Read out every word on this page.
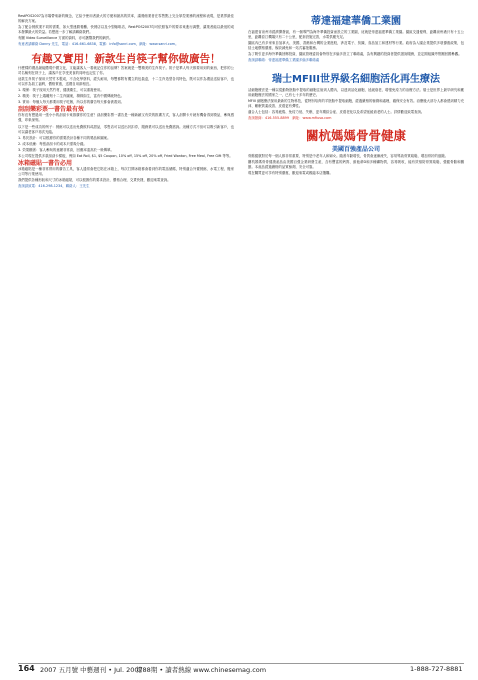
RestPOS2007為市場帶來新的概念，它給予使用者最大的方便和最高的效率，讓餐館業者在零售點上完全掌控業務的流程和表現，是業界最佳的解決方案。

為了配合餐飲業不同的需要，如大型連鎖餐廳、快餐店以及小型咖啡店，RestPOS2007均可依照客戶的要求來進行調整，讓業者能以最低的成本發揮最大的效益。若想進一步了解請聯絡我們。

有關 Video Surveillance 方面的資料，亦可瀏覽我們的網頁。

有意者請聯絡 Danny 先生，電話：416-661-6838，電郵：info@sanri.com，網址：www.sanri.com。

有趣又實用！新款生肖筷子幫你做廣告！

什麼樣的禮品最能體現中國文化，又能讓客人一看就記住你的品牌？答案就是一雙精美的生肖筷子。筷子是華人每天都要用到的東西，把你的公司名稱刻在筷子上，讓客戶在享受美食的同時也記住了你。

這款生肖筷子採用天然竹木製成，不含化學塗料，經久耐用，每雙都附有獨立的包裝盒，十二生肖造型各具特色，既可以作為禮品送給客戶，也可以作為員工福利，價格實惠，送禮自用兩相宜。

1. 環保：筷子採用天然竹材，健康衛生，可以重複使用。

2. 精美：筷子上端雕刻十二生肖圖案，栩栩如生，富有中國傳統特色。

3. 實用：每個人每天都要用筷子吃飯，所以你的廣告每天都會被看到。

刮刮樂彩票一書告最有效

你有沒有想過用一張小小的刮刮卡來推廣你的生意？刮刮樂彩票一書告是一種新穎又有效的推廣方式，客人刮開卡片就有機會得到獎品，參與感強，印象深刻。

以下是一些成功的例子：餐館可以送出免費飲料或甜品，零售店可以送出折扣券，服務業可以送出免費諮詢。這種方式不但可以吸引新客戶，也可以讓老客戶再次光臨。

1. 易於設計：可以根據你的需要設計各種不同的獎品和圖案。

2. 成本低廉：每張刮刮卡的成本只需幾分錢。

3. 效果顯著：客人參與的意願非常高，回應率遠高於一般傳單。

本公司現在提供多款刮刮卡樣板，例如 Eat Roll, $1, $5 Coupon, 10% off, 15% off, 20% off, Fried Wonton, Free Meal, Free Gift 等等。

冰箱磁貼一書告必用

冰箱磁貼是一種非常實用的廣告工具，客人通常會把它貼在冰箱上，每次打開冰箱都會看到你的電話號碼，特別適合外賣餐館、水電工程、搬家公司等行業使用。

我們提供各種形狀和尺寸的冰箱磁貼，可以根據你的要求設計，價格合理，交貨快捷，歡迎來電查詢。

查詢請致電：416-298-1234，聯絡人：王先生

蒂達福建華僑工業園

在福建省泉州市經濟開發區，有一個專門為海外華僑投資而設立的工業園，這就是蒂達福建華僑工業園。園區交通便利，距離泉州港只有十五公里，距離晉江機場只有二十公里，配套設施完善，水電供應充足。

園區內已有多家來自加拿大、美國、香港和台灣的企業進駐，涉及電子、紡織、食品加工和建材等行業。政府為入園企業提供多項優惠政策，包括土地價格優惠、稅收減免和一站式審批服務。

為了吸引更多海外華僑回鄉投資，園區管理委員會特別在多倫多設立了聯絡處，為有興趣的投資者提供諮詢服務，並定期組織考察團回國參觀。

查詢請聯絡：蒂達福建華僑工業園多倫多聯絡處

瑞士MFIII世界級名細胞活化再生療法

活細胞療法是一種以從動物胚胎中提取的細胞注射到人體內，以達到活化細胞、延緩衰老、增強免疫力的治療方法。瑞士是世界上最早研究和應用細胞療法的國家之一，已有七十多年的歷史。

MFIII 細胞療法採用最新的生物科技，從特別培育的羊胚胎中提取細胞，經過嚴格的檢測和處理，確保安全有效。治療後大部分人都會感到精力充沛、睡眠質素改善、皮膚更有彈性。

適合人士包括：容易疲倦、免疫力低、失眠、更年期綜合症、皮膚老化以及希望延緩衰老的人士。詳情歡迎致電查詢。

查詢熱線：416-555-8899　網址：www.mfiusa.com

關杭媽媽骨骨健康

美國百強產品公司

骨骼健康對於每一個人都非常重要，特別是中老年人和婦女。隨著年齡增長，骨質會逐漸流失，容易導致骨質疏鬆，增加骨折的風險。

關杭媽媽骨骨健康產品由美國百強企業研發生產，含有豐富的鈣質、維他命D和多種礦物質，容易吸收，能有效預防骨質疏鬆，強健骨骼和關節。本產品經過嚴格的品質檢測，安全可靠。

現在購買更可享有特別優惠，歡迎來電或親臨本店選購。

164 2007 五月號 中藝週刊 • Jul. 2007
第88期 • 讀者熱線 www.chinesemag.com	1-888-727-8881
